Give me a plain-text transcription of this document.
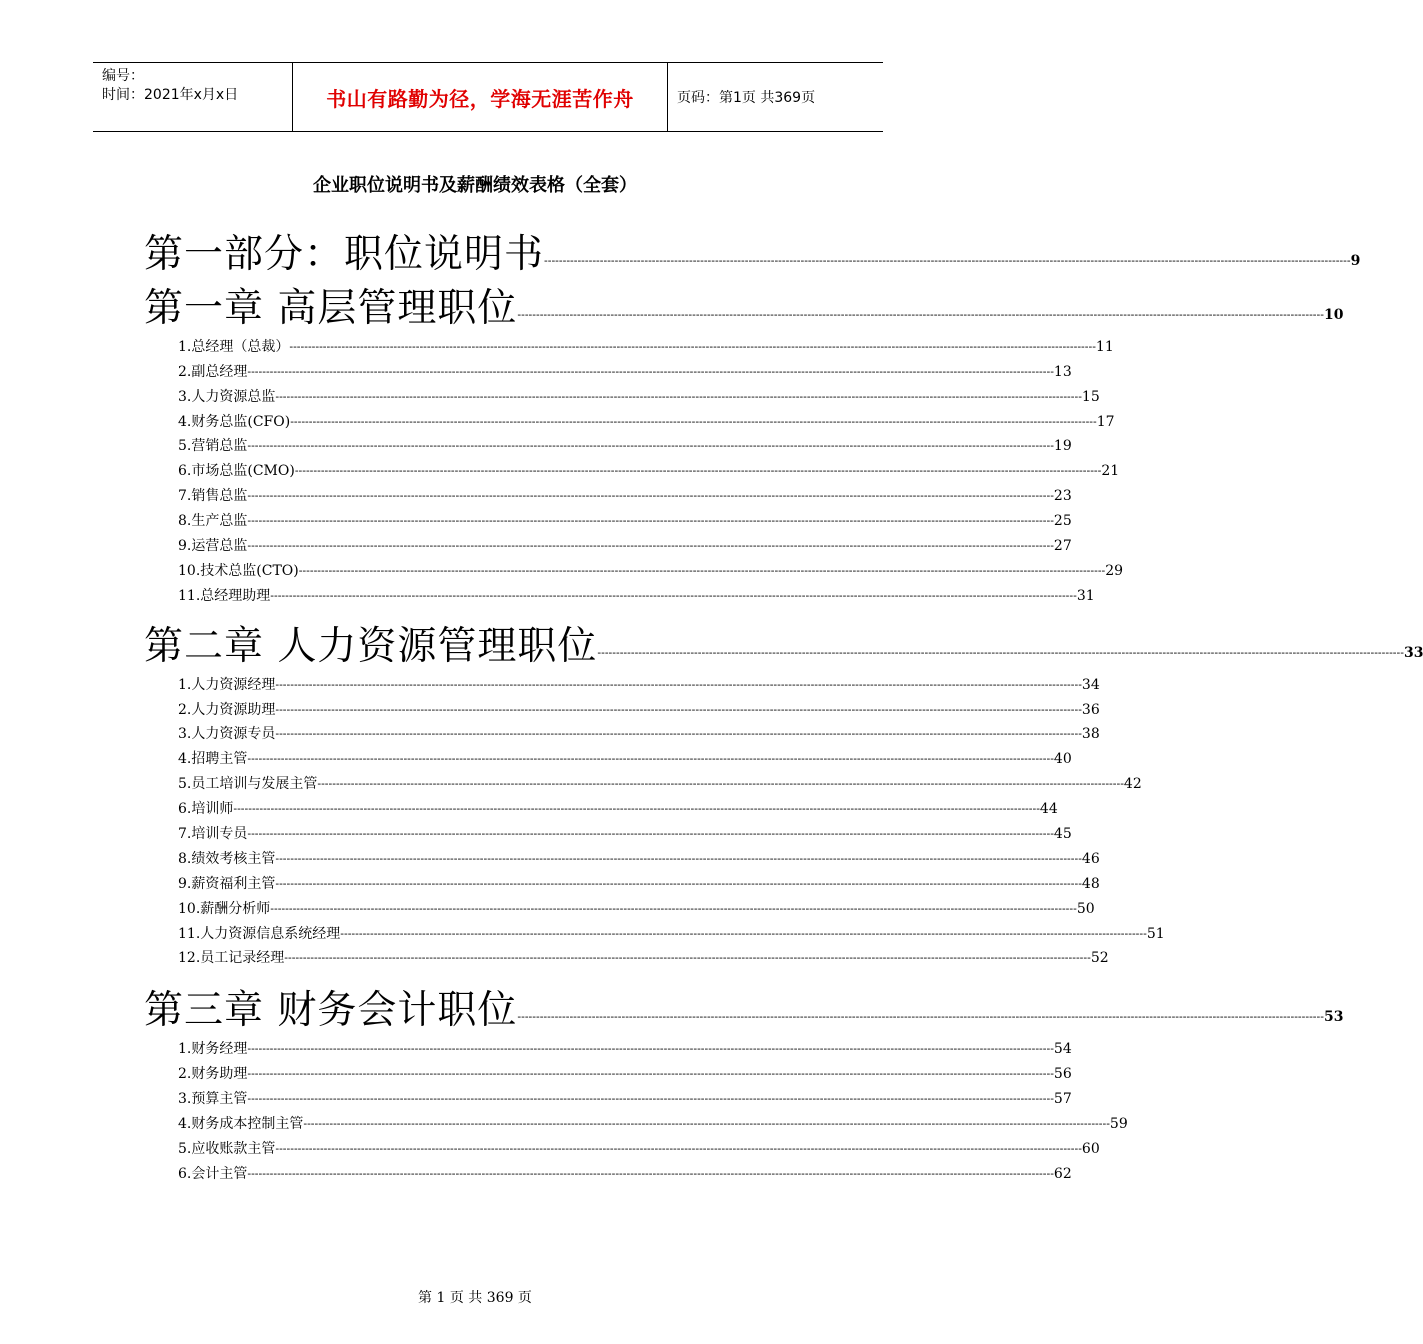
编号：
时间：2021年x月x日	书山有路勤为径，学海无涯苦作舟	页码：第1页 共369页
企业职位说明书及薪酬绩效表格（全套）
第一部分：职位说明书 ------------------------------------------------------------------------------------------------------------------------------------------------------------------------------------------------------------------------- 9
第一章 高层管理职位 ------------------------------------------------------------------------------------------------------------------------------------------------------------------------------------------------------------------------- 10
1.总经理（总裁） ------------------------------------------------------------------------------------------------------------------------------------------------------------------------------------------------------------------------- 11
2.副总经理 ------------------------------------------------------------------------------------------------------------------------------------------------------------------------------------------------------------------------- 13
3.人力资源总监 ------------------------------------------------------------------------------------------------------------------------------------------------------------------------------------------------------------------------- 15
4.财务总监(CFO) ------------------------------------------------------------------------------------------------------------------------------------------------------------------------------------------------------------------------- 17
5.营销总监 ------------------------------------------------------------------------------------------------------------------------------------------------------------------------------------------------------------------------- 19
6.市场总监(CMO) ------------------------------------------------------------------------------------------------------------------------------------------------------------------------------------------------------------------------- 21
7.销售总监 ------------------------------------------------------------------------------------------------------------------------------------------------------------------------------------------------------------------------- 23
8.生产总监 ------------------------------------------------------------------------------------------------------------------------------------------------------------------------------------------------------------------------- 25
9.运营总监 ------------------------------------------------------------------------------------------------------------------------------------------------------------------------------------------------------------------------- 27
10.技术总监(CTO) ------------------------------------------------------------------------------------------------------------------------------------------------------------------------------------------------------------------------- 29
11.总经理助理 ------------------------------------------------------------------------------------------------------------------------------------------------------------------------------------------------------------------------- 31
第二章 人力资源管理职位 ------------------------------------------------------------------------------------------------------------------------------------------------------------------------------------------------------------------------- 33
1.人力资源经理 ------------------------------------------------------------------------------------------------------------------------------------------------------------------------------------------------------------------------- 34
2.人力资源助理 ------------------------------------------------------------------------------------------------------------------------------------------------------------------------------------------------------------------------- 36
3.人力资源专员 ------------------------------------------------------------------------------------------------------------------------------------------------------------------------------------------------------------------------- 38
4.招聘主管 ------------------------------------------------------------------------------------------------------------------------------------------------------------------------------------------------------------------------- 40
5.员工培训与发展主管 ------------------------------------------------------------------------------------------------------------------------------------------------------------------------------------------------------------------------- 42
6.培训师 ------------------------------------------------------------------------------------------------------------------------------------------------------------------------------------------------------------------------- 44
7.培训专员 ------------------------------------------------------------------------------------------------------------------------------------------------------------------------------------------------------------------------- 45
8.绩效考核主管 ------------------------------------------------------------------------------------------------------------------------------------------------------------------------------------------------------------------------- 46
9.薪资福利主管 ------------------------------------------------------------------------------------------------------------------------------------------------------------------------------------------------------------------------- 48
10.薪酬分析师 ------------------------------------------------------------------------------------------------------------------------------------------------------------------------------------------------------------------------- 50
11.人力资源信息系统经理 ------------------------------------------------------------------------------------------------------------------------------------------------------------------------------------------------------------------------- 51
12.员工记录经理 ------------------------------------------------------------------------------------------------------------------------------------------------------------------------------------------------------------------------- 52
第三章 财务会计职位 ------------------------------------------------------------------------------------------------------------------------------------------------------------------------------------------------------------------------- 53
1.财务经理 ------------------------------------------------------------------------------------------------------------------------------------------------------------------------------------------------------------------------- 54
2.财务助理 ------------------------------------------------------------------------------------------------------------------------------------------------------------------------------------------------------------------------- 56
3.预算主管 ------------------------------------------------------------------------------------------------------------------------------------------------------------------------------------------------------------------------- 57
4.财务成本控制主管 ------------------------------------------------------------------------------------------------------------------------------------------------------------------------------------------------------------------------- 59
5.应收账款主管 ------------------------------------------------------------------------------------------------------------------------------------------------------------------------------------------------------------------------- 60
6.会计主管 ------------------------------------------------------------------------------------------------------------------------------------------------------------------------------------------------------------------------- 62
第 1 页 共 369 页
